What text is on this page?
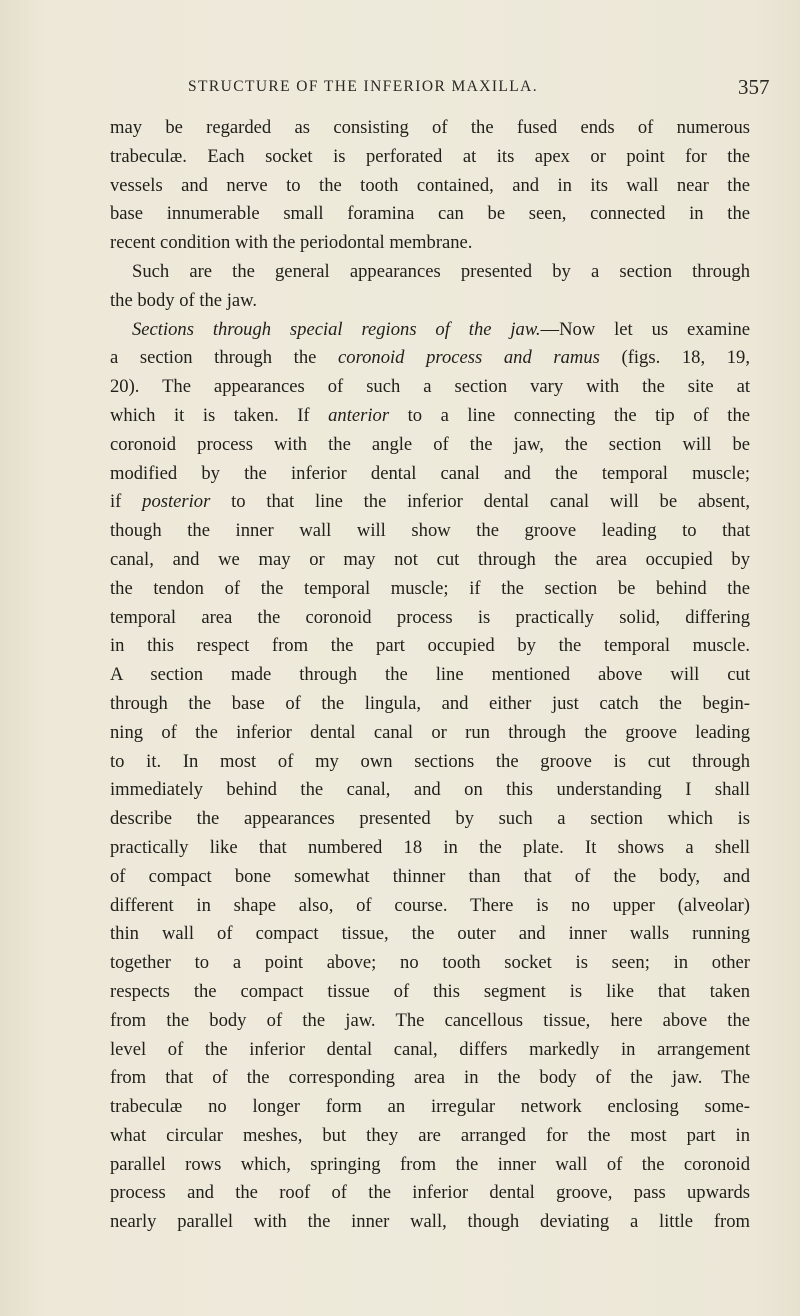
STRUCTURE OF THE INFERIOR MAXILLA.	357
may be regarded as consisting of the fused ends of numerous
trabeculæ. Each socket is perforated at its apex or point for the
vessels and nerve to the tooth contained, and in its wall near the
base innumerable small foramina can be seen, connected in the
recent condition with the periodontal membrane.
Such are the general appearances presented by a section through
the body of the jaw.
Sections through special regions of the jaw.—Now let us examine
a section through the coronoid process and ramus (figs. 18, 19,
20). The appearances of such a section vary with the site at
which it is taken. If anterior to a line connecting the tip of the
coronoid process with the angle of the jaw, the section will be
modified by the inferior dental canal and the temporal muscle;
if posterior to that line the inferior dental canal will be absent,
though the inner wall will show the groove leading to that
canal, and we may or may not cut through the area occupied by
the tendon of the temporal muscle; if the section be behind the
temporal area the coronoid process is practically solid, differing
in this respect from the part occupied by the temporal muscle.
A section made through the line mentioned above will cut
through the base of the lingula, and either just catch the begin-
ning of the inferior dental canal or run through the groove leading
to it. In most of my own sections the groove is cut through
immediately behind the canal, and on this understanding I shall
describe the appearances presented by such a section which is
practically like that numbered 18 in the plate. It shows a shell
of compact bone somewhat thinner than that of the body, and
different in shape also, of course. There is no upper (alveolar)
thin wall of compact tissue, the outer and inner walls running
together to a point above; no tooth socket is seen; in other
respects the compact tissue of this segment is like that taken
from the body of the jaw. The cancellous tissue, here above the
level of the inferior dental canal, differs markedly in arrangement
from that of the corresponding area in the body of the jaw. The
trabeculæ no longer form an irregular network enclosing some-
what circular meshes, but they are arranged for the most part in
parallel rows which, springing from the inner wall of the coronoid
process and the roof of the inferior dental groove, pass upwards
nearly parallel with the inner wall, though deviating a little from
